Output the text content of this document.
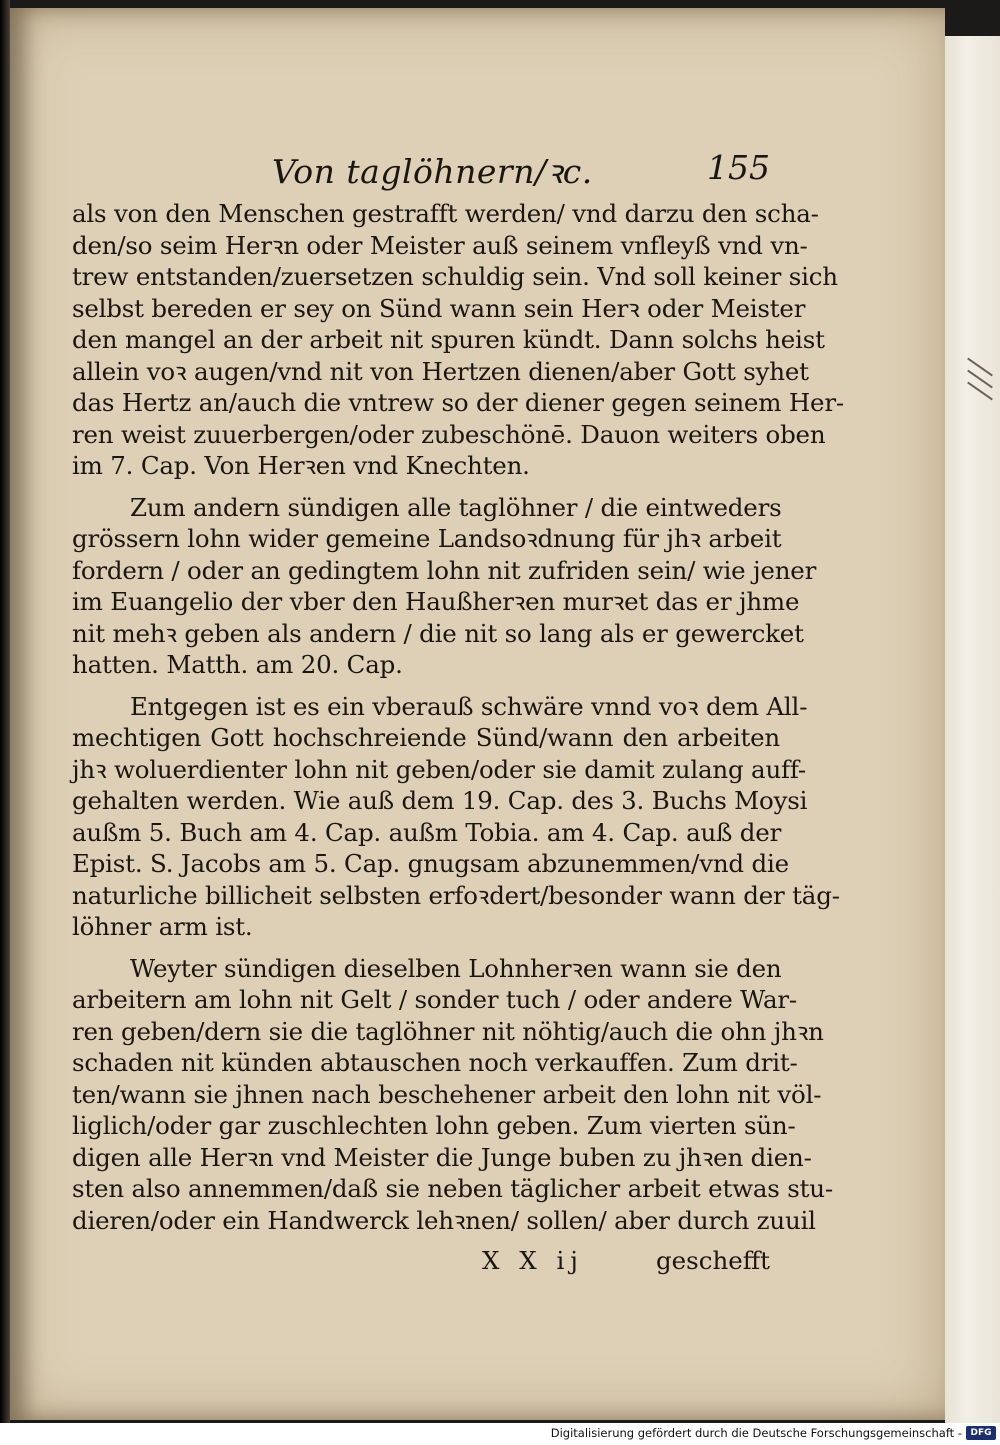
Von taglöhnern/ꝛc.	155
als von den Menschen gestrafft werden/ vnd darzu den scha-
den/so seim Herꝛn oder Meister auß seinem vnfleyß vnd vn-
trew entstanden/zuersetzen schuldig sein. Vnd soll keiner sich
selbst bereden er sey on Sünd wann sein Herꝛ oder Meister
den mangel an der arbeit nit spuren kündt. Dann solchs heist
allein voꝛ augen/vnd nit von Hertzen dienen/aber Gott syhet
das Hertz an/auch die vntrew so der diener gegen seinem Her-
ren weist zuuerbergen/oder zubeschönē. Dauon weiters oben
im 7. Cap. Von Herꝛen vnd Knechten.
Zum andern sündigen alle taglöhner / die eintweders
grössern lohn wider gemeine Landsoꝛdnung für jhꝛ arbeit
fordern / oder an gedingtem lohn nit zufriden sein/ wie jener
im Euangelio der vber den Haußherꝛen murꝛet das er jhme
nit mehꝛ geben als andern / die nit so lang als er gewercket
hatten. Matth. am 20. Cap.
Entgegen ist es ein vberauß schwäre vnnd voꝛ dem All-
mechtigen Gott hochschreiende Sünd/wann den arbeiten
jhꝛ woluerdienter lohn nit geben/oder sie damit zulang auff-
gehalten werden. Wie auß dem 19. Cap. des 3. Buchs Moysi
außm 5. Buch am 4. Cap. außm Tobia. am 4. Cap. auß der
Epist. S. Jacobs am 5. Cap. gnugsam abzunemmen/vnd die
naturliche billicheit selbsten erfoꝛdert/besonder wann der täg-
löhner arm ist.
Weyter sündigen dieselben Lohnherꝛen wann sie den
arbeitern am lohn nit Gelt / sonder tuch / oder andere War-
ren geben/dern sie die taglöhner nit nöhtig/auch die ohn jhꝛn
schaden nit künden abtauschen noch verkauffen. Zum drit-
ten/wann sie jhnen nach beschehener arbeit den lohn nit völ-
liglich/oder gar zuschlechten lohn geben. Zum vierten sün-
digen alle Herꝛn vnd Meister die Junge buben zu jhꝛen dien-
sten also annemmen/daß sie neben täglicher arbeit etwas stu-
dieren/oder ein Handwerck lehꝛnen/ sollen/ aber durch zuuil
X X ij	geschefft
Digitalisierung gefördert durch die Deutsche Forschungsgemeinschaft - DFG
